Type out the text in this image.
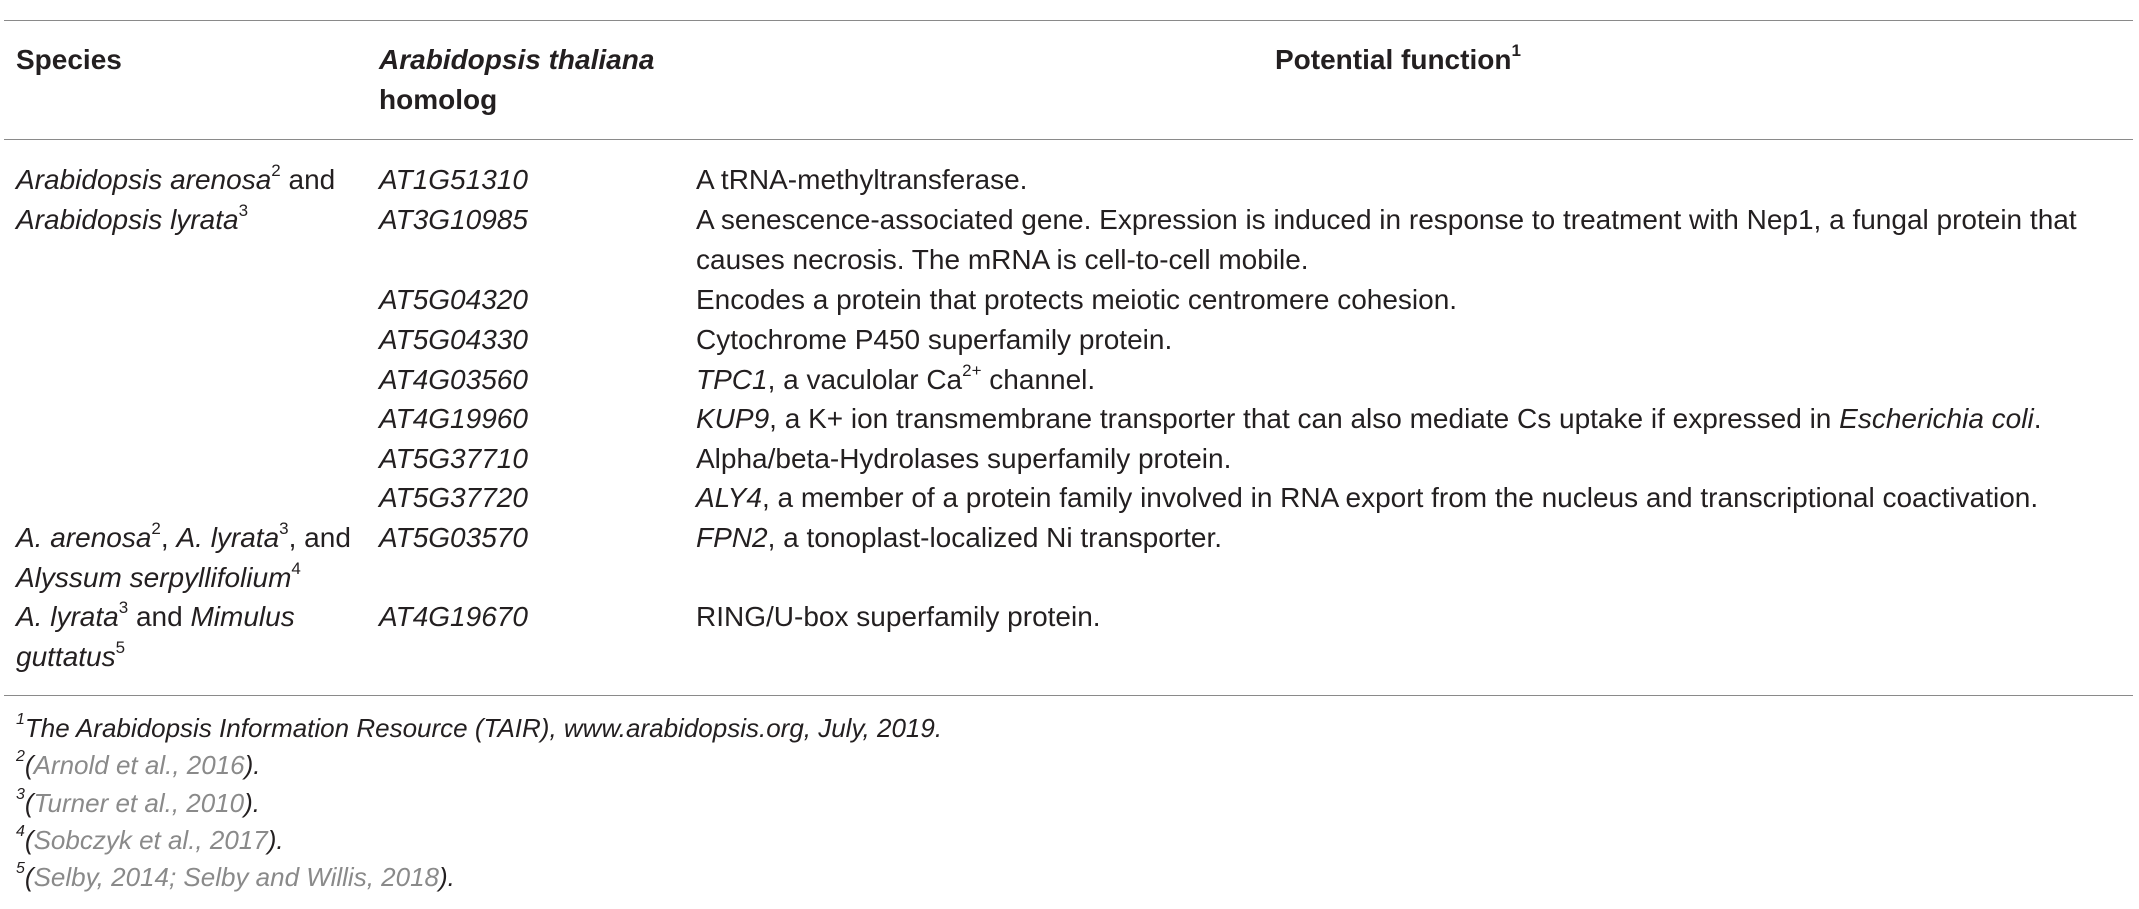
Species	Arabidopsis thaliana
homolog
Potential function$^1$
Arabidopsis arenosa$^2$ and
Arabidopsis lyrata$^3$
A. arenosa$^2$, A. lyrata$^3$, and
Alyssum serpyllifolium$^4$
A. lyrata$^3$ and Mimulus
guttatus$^5$
AT1G51310
AT3G10985
AT5G04320
AT5G04330
AT4G03560
AT4G19960
AT5G37710
AT5G37720
AT5G03570
AT4G19670
A tRNA-methyltransferase.
A senescence-associated gene. Expression is induced in response to treatment with Nep1, a fungal protein that
causes necrosis. The mRNA is cell-to-cell mobile.
Encodes a protein that protects meiotic centromere cohesion.
Cytochrome P450 superfamily protein.
TPC1, a vaculolar $Ca^{2+}$ channel.
KUP9, a K+ ion transmembrane transporter that can also mediate Cs uptake if expressed in Escherichia coli.
Alpha/beta-Hydrolases superfamily protein.
ALY4, a member of a protein family involved in RNA export from the nucleus and transcriptional coactivation.
FPN2, a tonoplast-localized Ni transporter.
RING/U-box superfamily protein.
$^1$The Arabidopsis Information Resource (TAIR), www.arabidopsis.org, July, 2019.
$^2$(Arnold et al., 2016).
$^3$(Turner et al., 2010).
$^4$(Sobczyk et al., 2017).
$^5$(Selby, 2014; Selby and Willis, 2018).
